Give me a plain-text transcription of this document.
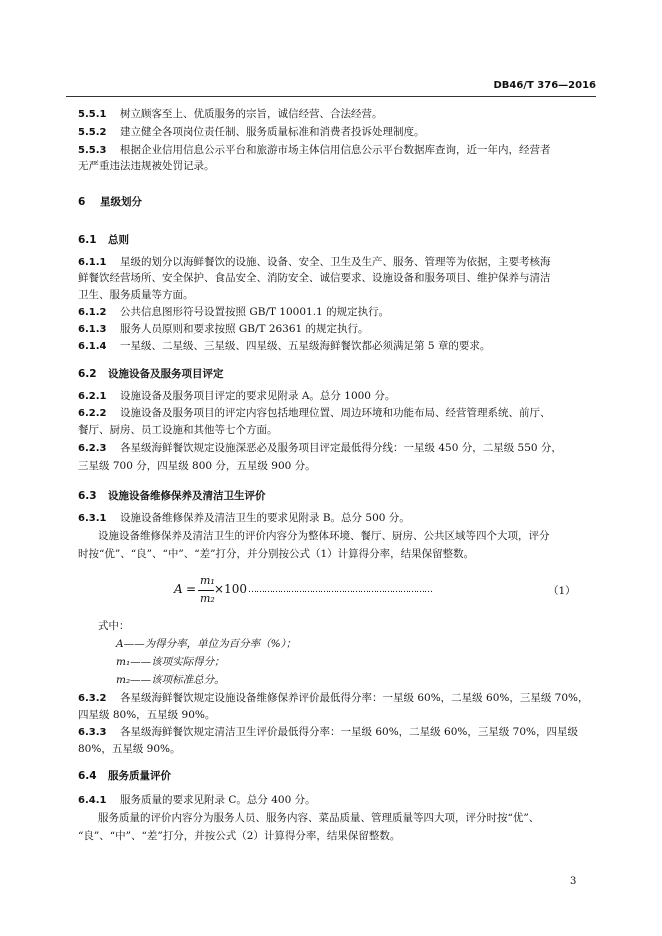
DB46/T 376—2016
5.5.1 树立顾客至上、优质服务的宗旨，诚信经营、合法经营。
5.5.2 建立健全各项岗位责任制、服务质量标准和消费者投诉处理制度。
5.5.3 根据企业信用信息公示平台和旅游市场主体信用信息公示平台数据库查询，近一年内，经营者
无严重违法违规被处罚记录。
6 星级划分
6.1 总则
6.1.1 星级的划分以海鲜餐饮的设施、设备、安全、卫生及生产、服务、管理等为依据，主要考核海
鲜餐饮经营场所、安全保护、食品安全、消防安全、诚信要求、设施设备和服务项目、维护保养与清洁
卫生、服务质量等方面。
6.1.2 公共信息图形符号设置按照 GB/T 10001.1 的规定执行。
6.1.3 服务人员原则和要求按照 GB/T 26361 的规定执行。
6.1.4 一星级、二星级、三星级、四星级、五星级海鲜餐饮都必须满足第 5 章的要求。
6.2 设施设备及服务项目评定
6.2.1 设施设备及服务项目评定的要求见附录 A。总分 1000 分。
6.2.2 设施设备及服务项目的评定内容包括地理位置、周边环境和功能布局、经营管理系统、前厅、
餐厅、厨房、员工设施和其他等七个方面。
6.2.3 各星级海鲜餐饮规定设施深恶必及服务项目评定最低得分线：一星级 450 分，二星级 550 分，
三星级 700 分，四星级 800 分，五星级 900 分。
6.3 设施设备维修保养及清洁卫生评价
6.3.1 设施设备维修保养及清洁卫生的要求见附录 B。总分 500 分。
设施设备维修保养及清洁卫生的评价内容分为整体环境、餐厅、厨房、公共区域等四个大项，评分
时按“优”、“良”、“中”、“差”打分，并分别按公式（1）计算得分率，结果保留整数。
A =
m₁
m₂
×100 ……………………………………………………………	（1）
式中：
A——为得分率，单位为百分率（%）；
m₁——该项实际得分；
m₂——该项标准总分。
6.3.2 各星级海鲜餐饮规定设施设备维修保养评价最低得分率：一星级 60%，二星级 60%，三星级 70%，
四星级 80%，五星级 90%。
6.3.3 各星级海鲜餐饮规定清洁卫生评价最低得分率：一星级 60%，二星级 60%，三星级 70%，四星级
80%，五星级 90%。
6.4 服务质量评价
6.4.1 服务质量的要求见附录 C。总分 400 分。
服务质量的评价内容分为服务人员、服务内容、菜品质量、管理质量等四大项，评分时按“优”、
“良”、“中”、“差”打分，并按公式（2）计算得分率，结果保留整数。
3
